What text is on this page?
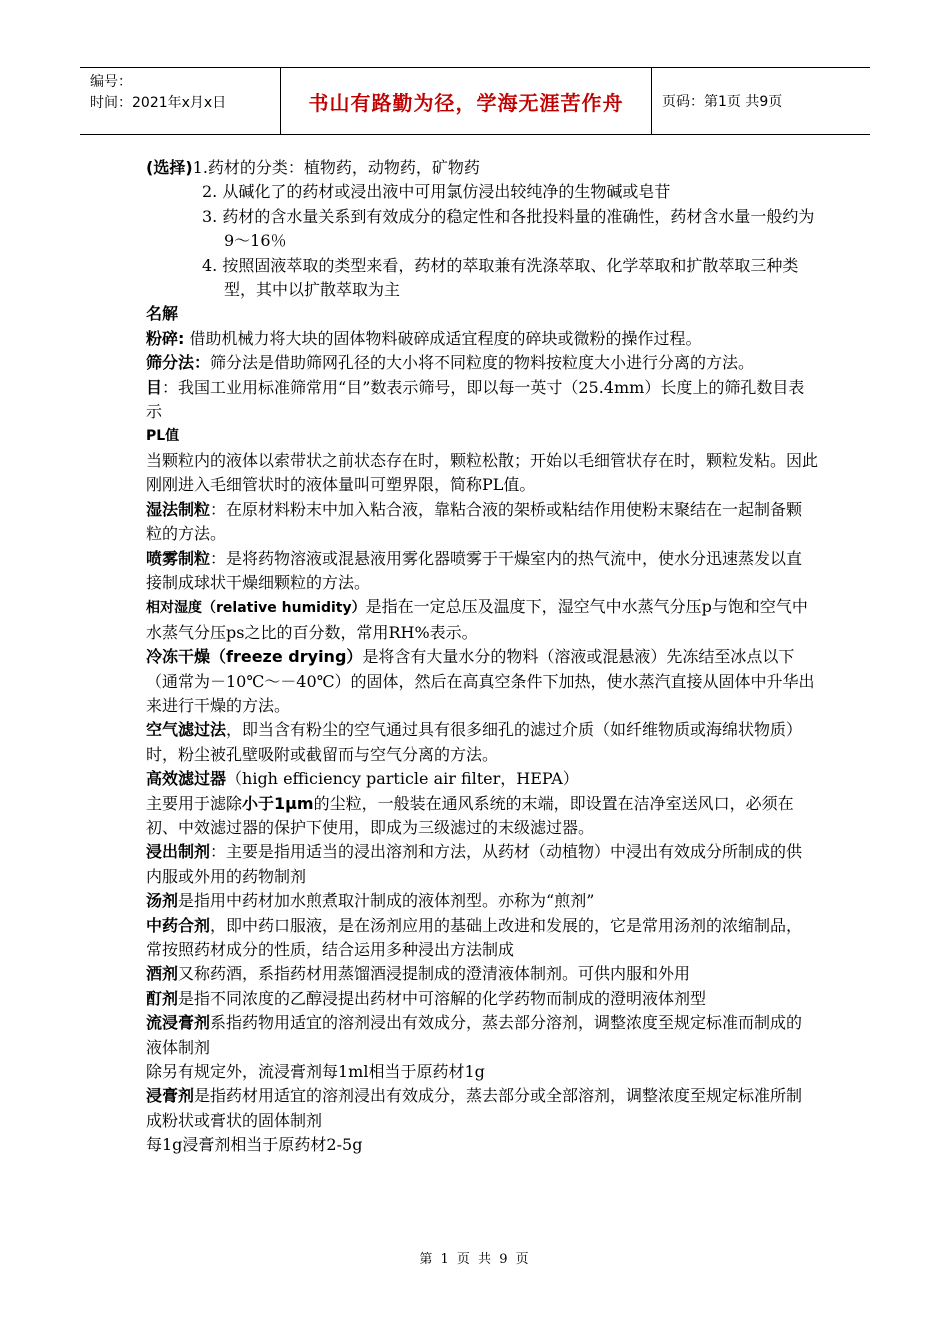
编号：
时间：2021年x月x日	书山有路勤为径，学海无涯苦作舟	页码：第1页 共9页

(选择)1.药材的分类：植物药，动物药，矿物药

2. 从碱化了的药材或浸出液中可用氯仿浸出较纯净的生物碱或皂苷

3. 药材的含水量关系到有效成分的稳定性和各批投料量的准确性，药材含水量一般约为9～16％

4. 按照固液萃取的类型来看，药材的萃取兼有洗涤萃取、化学萃取和扩散萃取三种类型，其中以扩散萃取为主

名解

粉碎: 借助机械力将大块的固体物料破碎成适宜程度的碎块或微粉的操作过程。

筛分法：筛分法是借助筛网孔径的大小将不同粒度的物料按粒度大小进行分离的方法。

目：我国工业用标准筛常用“目”数表示筛号，即以每一英寸（25.4mm）长度上的筛孔数目表示

PL值

当颗粒内的液体以索带状之前状态存在时，颗粒松散；开始以毛细管状存在时，颗粒发粘。因此刚刚进入毛细管状时的液体量叫可塑界限，简称PL值。

湿法制粒：在原材料粉末中加入粘合液，靠粘合液的架桥或粘结作用使粉末聚结在一起制备颗粒的方法。

喷雾制粒：是将药物溶液或混悬液用雾化器喷雾于干燥室内的热气流中，使水分迅速蒸发以直接制成球状干燥细颗粒的方法。

相对湿度（relative humidity）是指在一定总压及温度下，湿空气中水蒸气分压p与饱和空气中水蒸气分压ps之比的百分数，常用RH%表示。

冷冻干燥（freeze drying）是将含有大量水分的物料（溶液或混悬液）先冻结至冰点以下（通常为－10℃～－40℃）的固体，然后在高真空条件下加热，使水蒸汽直接从固体中升华出来进行干燥的方法。

空气滤过法，即当含有粉尘的空气通过具有很多细孔的滤过介质（如纤维物质或海绵状物质）时，粉尘被孔壁吸附或截留而与空气分离的方法。

高效滤过器（high efficiency particle air filter，HEPA）

主要用于滤除小于1μm的尘粒，一般装在通风系统的末端，即设置在洁净室送风口，必须在初、中效滤过器的保护下使用，即成为三级滤过的末级滤过器。

浸出制剂：主要是指用适当的浸出溶剂和方法，从药材（动植物）中浸出有效成分所制成的供内服或外用的药物制剂

汤剂是指用中药材加水煎煮取汁制成的液体剂型。亦称为“煎剂”

中药合剂，即中药口服液，是在汤剂应用的基础上改进和发展的，它是常用汤剂的浓缩制品，常按照药材成分的性质，结合运用多种浸出方法制成

酒剂又称药酒，系指药材用蒸馏酒浸提制成的澄清液体制剂。可供内服和外用

酊剂是指不同浓度的乙醇浸提出药材中可溶解的化学药物而制成的澄明液体剂型

流浸膏剂系指药物用适宜的溶剂浸出有效成分，蒸去部分溶剂，调整浓度至规定标准而制成的液体制剂

除另有规定外，流浸膏剂每1ml相当于原药材1g

浸膏剂是指药材用适宜的溶剂浸出有效成分，蒸去部分或全部溶剂，调整浓度至规定标准所制成粉状或膏状的固体制剂

每1g浸膏剂相当于原药材2-5g

第 1 页 共 9 页
